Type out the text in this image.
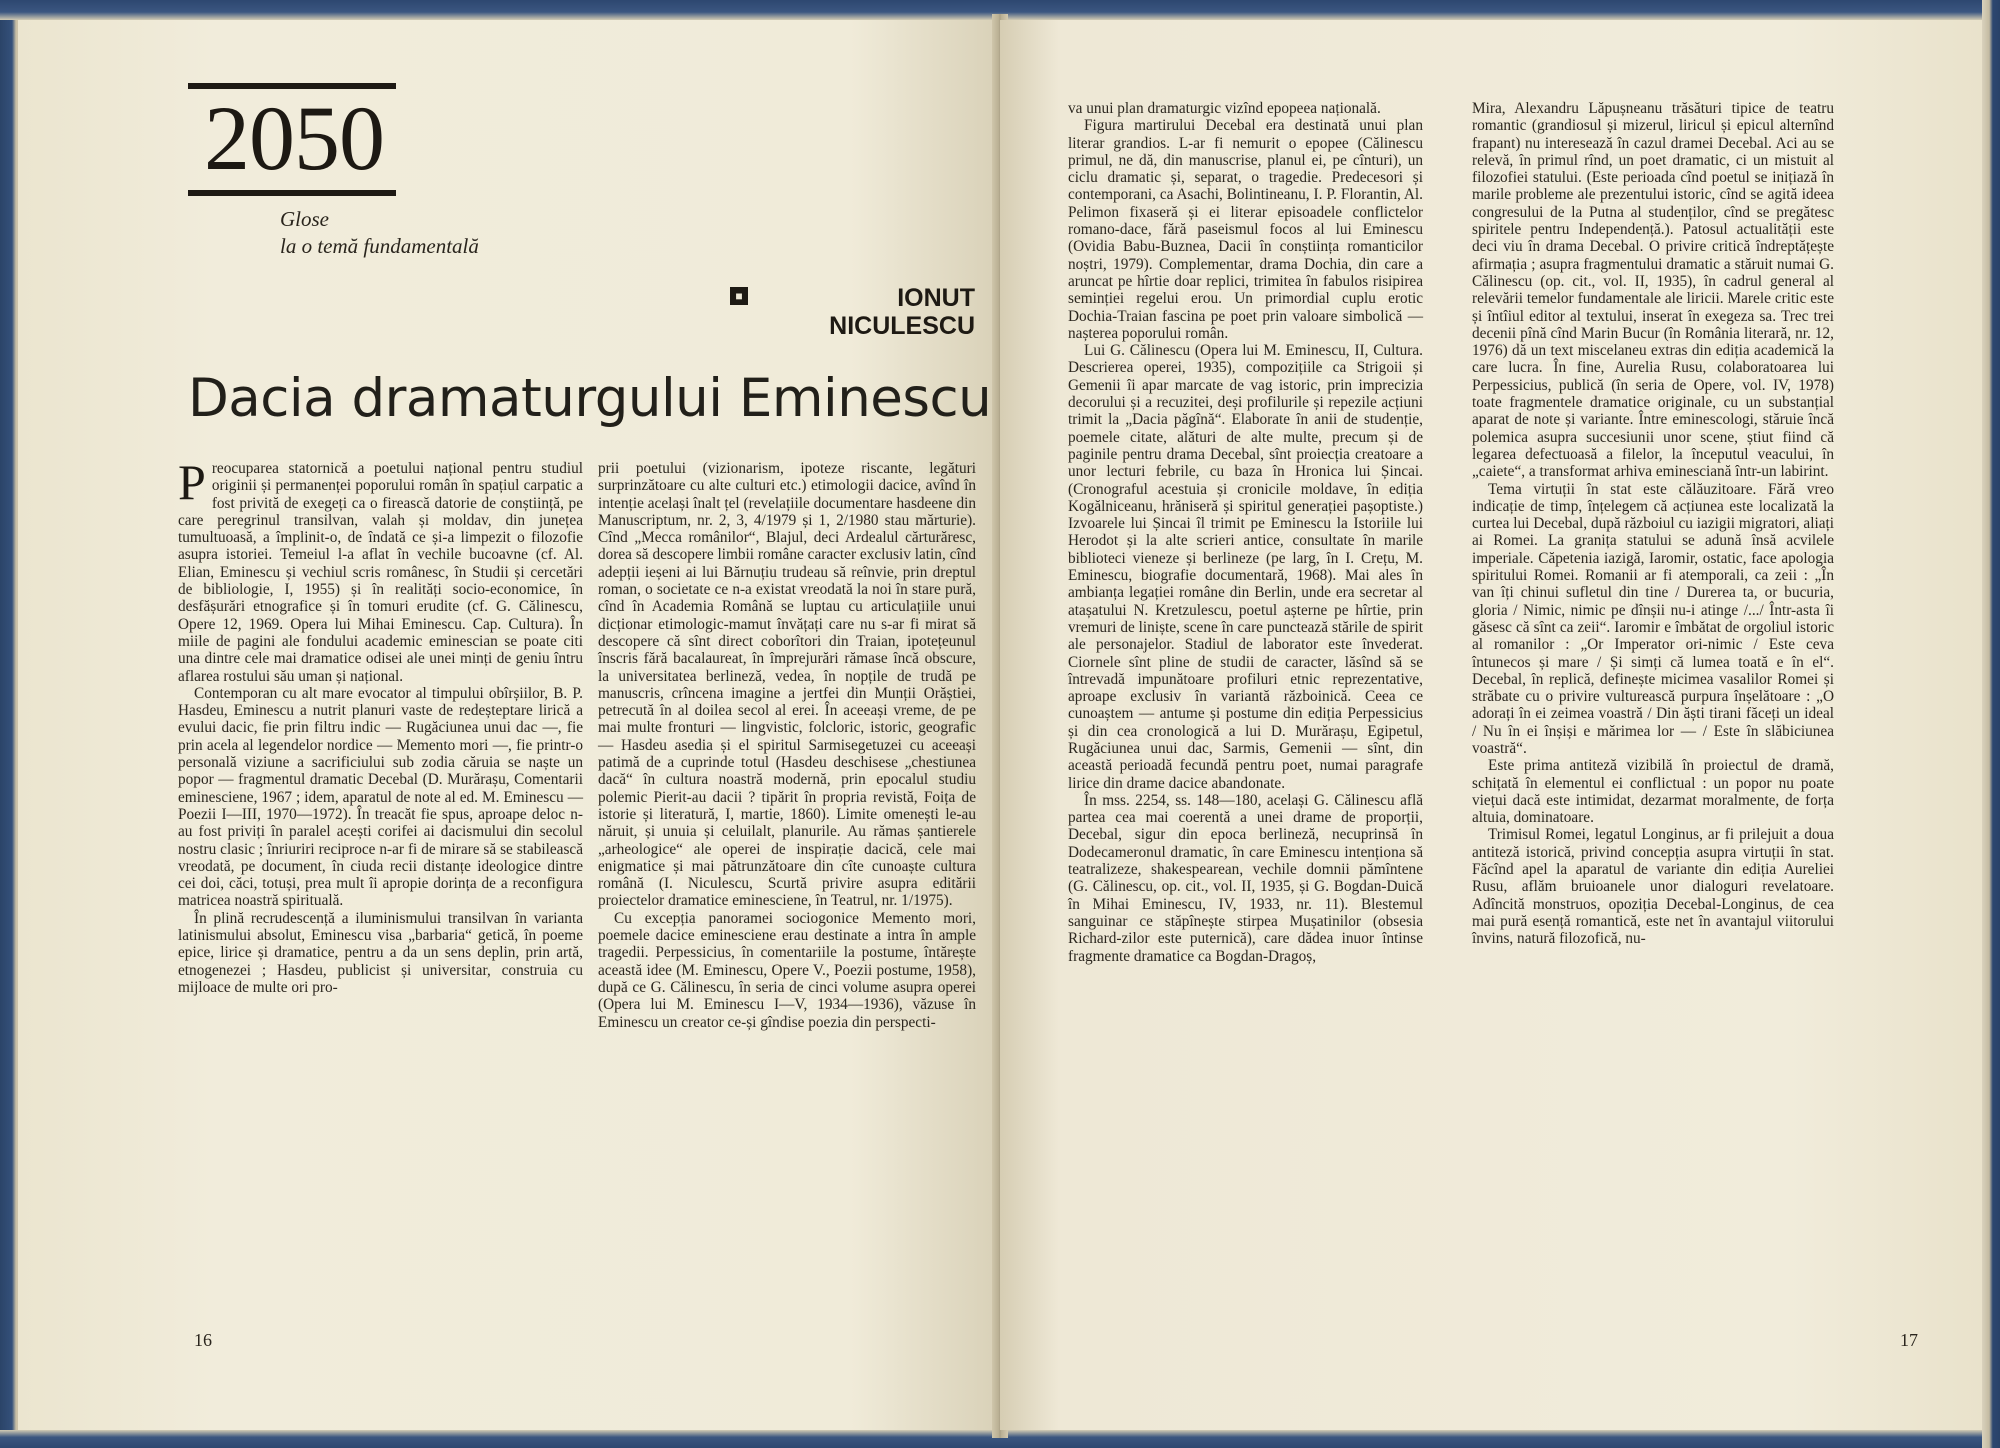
2050
Glose
la o temă fundamentală
■	IONUT
NICULESCU
Dacia dramaturgului Eminescu

Preocuparea statornică a poetului național pentru studiul originii și permanenței poporului român în spațiul carpatic a fost privită de exegeți ca o firească datorie de conștiință, pe care peregrinul transilvan, valah și moldav, din junețea tumultuoasă, a împlinit-o, de îndată ce și-a limpezit o filozofie asupra istoriei. Temeiul l-a aflat în vechile bucoavne (cf. Al. Elian, Eminescu și vechiul scris românesc, în Studii și cercetări de bibliologie, I, 1955) și în realități socio-economice, în desfășurări etnografice și în tomuri erudite (cf. G. Călinescu, Opere 12, 1969. Opera lui Mihai Eminescu. Cap. Cultura). În miile de pagini ale fondului academic eminescian se poate citi una dintre cele mai dramatice odisei ale unei minți de geniu întru aflarea rostului său uman și național.

Contemporan cu alt mare evocator al timpului obîrșiilor, B. P. Hasdeu, Eminescu a nutrit planuri vaste de redeșteptare lirică a evului dacic, fie prin filtru indic — Rugăciunea unui dac —, fie prin acela al legendelor nordice — Memento mori —, fie printr-o personală viziune a sacrificiului sub zodia căruia se naște un popor — fragmentul dramatic Decebal (D. Murărașu, Comentarii eminesciene, 1967 ; idem, aparatul de note al ed. M. Eminescu — Poezii I—III, 1970—1972). În treacăt fie spus, aproape deloc n-au fost priviți în paralel acești corifei ai dacismului din secolul nostru clasic ; înriuriri reciproce n-ar fi de mirare să se stabilească vreodată, pe document, în ciuda recii distanțe ideologice dintre cei doi, căci, totuși, prea mult îi apropie dorința de a reconfigura matricea noastră spirituală.

În plină recrudescență a iluminismului transilvan în varianta latinismului absolut, Eminescu visa „barbaria“ getică, în poeme epice, lirice și dramatice, pentru a da un sens deplin, prin artă, etnogenezei ; Hasdeu, publicist și universitar, construia cu mijloace de multe ori pro-

prii poetului (vizionarism, ipoteze riscante, legături surprinzătoare cu alte culturi etc.) etimologii dacice, avînd în intenție același înalt țel (revelațiile documentare hasdeene din Manuscriptum, nr. 2, 3, 4/1979 și 1, 2/1980 stau mărturie). Cînd „Mecca românilor“, Blajul, deci Ardealul cărturăresc, dorea să descopere limbii române caracter exclusiv latin, cînd adepții ieșeni ai lui Bărnuțiu trudeau să reînvie, prin dreptul roman, o societate ce n-a existat vreodată la noi în stare pură, cînd în Academia Română se luptau cu articulațiile unui dicționar etimologic-mamut învățați care nu s-ar fi mirat să descopere că sînt direct coborîtori din Traian, ipotețeunul înscris fără bacalaureat, în împrejurări rămase încă obscure, la universitatea berlineză, vedea, în nopțile de trudă pe manuscris, crîncena imagine a jertfei din Munții Orăștiei, petrecută în al doilea secol al erei. În aceeași vreme, de pe mai multe fronturi — lingvistic, folcloric, istoric, geografic — Hasdeu asedia și el spiritul Sarmisegetuzei cu aceeași patimă de a cuprinde totul (Hasdeu deschisese „chestiunea dacă“ în cultura noastră modernă, prin epocalul studiu polemic Pierit-au dacii ? tipărit în propria revistă, Foița de istorie și literatură, I, martie, 1860). Limite omenești le-au năruit, și unuia și celuilalt, planurile. Au rămas șantierele „arheologice“ ale operei de inspirație dacică, cele mai enigmatice și mai pătrunzătoare din cîte cunoaște cultura română (I. Niculescu, Scurtă privire asupra editării proiectelor dramatice eminesciene, în Teatrul, nr. 1/1975).

Cu excepția panoramei sociogonice Memento mori, poemele dacice eminesciene erau destinate a intra în ample tragedii. Perpessicius, în comentariile la postume, întărește această idee (M. Eminescu, Opere V., Poezii postume, 1958), după ce G. Călinescu, în seria de cinci volume asupra operei (Opera lui M. Eminescu I—V, 1934—1936), văzuse în Eminescu un creator ce-și gîndise poezia din perspecti-

16

va unui plan dramaturgic vizînd epopeea națională.

Figura martirului Decebal era destinată unui plan literar grandios. L-ar fi nemurit o epopee (Călinescu primul, ne dă, din manuscrise, planul ei, pe cînturi), un ciclu dramatic și, separat, o tragedie. Predecesori și contemporani, ca Asachi, Bolintineanu, I. P. Florantin, Al. Pelimon fixaseră și ei literar episoadele conflictelor romano-dace, fără paseismul focos al lui Eminescu (Ovidia Babu-Buznea, Dacii în conștiința romanticilor noștri, 1979). Complementar, drama Dochia, din care a aruncat pe hîrtie doar replici, trimitea în fabulos risipirea seminției regelui erou. Un primordial cuplu erotic Dochia-Traian fascina pe poet prin valoare simbolică — nașterea poporului român.

Lui G. Călinescu (Opera lui M. Eminescu, II, Cultura. Descrierea operei, 1935), compozițiile ca Strigoii și Gemenii îi apar marcate de vag istoric, prin imprecizia decorului și a recuzitei, deși profilurile și repezile acțiuni trimit la „Dacia păgînă“. Elaborate în anii de studenție, poemele citate, alături de alte multe, precum și de paginile pentru drama Decebal, sînt proiecția creatoare a unor lecturi febrile, cu baza în Hronica lui Șincai. (Cronograful acestuia și cronicile moldave, în ediția Kogălniceanu, hrăniseră și spiritul generației pașoptiste.) Izvoarele lui Șincai îl trimit pe Eminescu la Istoriile lui Herodot și la alte scrieri antice, consultate în marile biblioteci vieneze și berlineze (pe larg, în I. Crețu, M. Eminescu, biografie documentară, 1968). Mai ales în ambianța legației române din Berlin, unde era secretar al atașatului N. Kretzulescu, poetul așterne pe hîrtie, prin vremuri de liniște, scene în care punctează stările de spirit ale personajelor. Stadiul de laborator este învederat. Ciornele sînt pline de studii de caracter, lăsînd să se întrevadă impunătoare profiluri etnic reprezentative, aproape exclusiv în variantă războinică. Ceea ce cunoaștem — antume și postume din ediția Perpessicius și din cea cronologică a lui D. Murărașu, Egipetul, Rugăciunea unui dac, Sarmis, Gemenii — sînt, din această perioadă fecundă pentru poet, numai paragrafe lirice din drame dacice abandonate.

În mss. 2254, ss. 148—180, același G. Călinescu află partea cea mai coerentă a unei drame de proporții, Decebal, sigur din epoca berlineză, necuprinsă în Dodecameronul dramatic, în care Eminescu intenționa să teatralizeze, shakespearean, vechile domnii pămîntene (G. Călinescu, op. cit., vol. II, 1935, și G. Bogdan-Duică în Mihai Eminescu, IV, 1933, nr. 11). Blestemul sanguinar ce stăpînește stirpea Mușatinilor (obsesia Richard-zilor este puternică), care dădea inuor întinse fragmente dramatice ca Bogdan-Dragoș,

Mira, Alexandru Lăpușneanu trăsături tipice de teatru romantic (grandiosul și mizerul, liricul și epicul alternînd frapant) nu interesează în cazul dramei Decebal. Aci au se relevă, în primul rînd, un poet dramatic, ci un mistuit al filozofiei statului. (Este perioada cînd poetul se inițiază în marile probleme ale prezentului istoric, cînd se agită ideea congresului de la Putna al studenților, cînd se pregătesc spiritele pentru Independență.). Patosul actualității este deci viu în drama Decebal. O privire critică îndreptățește afirmația ; asupra fragmentului dramatic a stăruit numai G. Călinescu (op. cit., vol. II, 1935), în cadrul general al relevării temelor fundamentale ale liricii. Marele critic este și întîiul editor al textului, inserat în exegeza sa. Trec trei decenii pînă cînd Marin Bucur (în România literară, nr. 12, 1976) dă un text miscelaneu extras din ediția academică la care lucra. În fine, Aurelia Rusu, colaboratoarea lui Perpessicius, publică (în seria de Opere, vol. IV, 1978) toate fragmentele dramatice originale, cu un substanțial aparat de note și variante. Între eminescologi, stăruie încă polemica asupra succesiunii unor scene, știut fiind că legarea defectuoasă a filelor, la începutul veacului, în „caiete“, a transformat arhiva eminesciană într-un labirint.

Tema virtuții în stat este călăuzitoare. Fără vreo indicație de timp, înțelegem că acțiunea este localizată la curtea lui Decebal, după războiul cu iazigii migratori, aliați ai Romei. La granița statului se adună însă acvilele imperiale. Căpetenia iazigă, Iaromir, ostatic, face apologia spiritului Romei. Romanii ar fi atemporali, ca zeii : „În van îți chinui sufletul din tine / Durerea ta, or bucuria, gloria / Nimic, nimic pe dînșii nu-i atinge /.../ Într-asta îi găsesc că sînt ca zeii“. Iaromir e îmbătat de orgoliul istoric al romanilor : „Or Imperator ori-nimic / Este ceva întunecos și mare / Și simți că lumea toată e în el“. Decebal, în replică, definește micimea vasalilor Romei și străbate cu o privire vulturească purpura înșelătoare : „O adorați în ei zeimea voastră / Din ăști tirani făceți un ideal / Nu în ei înșiși e mărimea lor — / Este în slăbiciunea voastră“.

Este prima antiteză vizibilă în proiectul de dramă, schițată în elementul ei conflictual : un popor nu poate viețui dacă este intimidat, dezarmat moralmente, de forța altuia, dominatoare.

Trimisul Romei, legatul Longinus, ar fi prilejuit a doua antiteză istorică, privind concepția asupra virtuții în stat. Făcînd apel la aparatul de variante din ediția Aureliei Rusu, aflăm bruioanele unor dialoguri revelatoare. Adîncită monstruos, opoziția Decebal-Longinus, de cea mai pură esență romantică, este net în avantajul viitorului învins, natură filozofică, nu-

17
